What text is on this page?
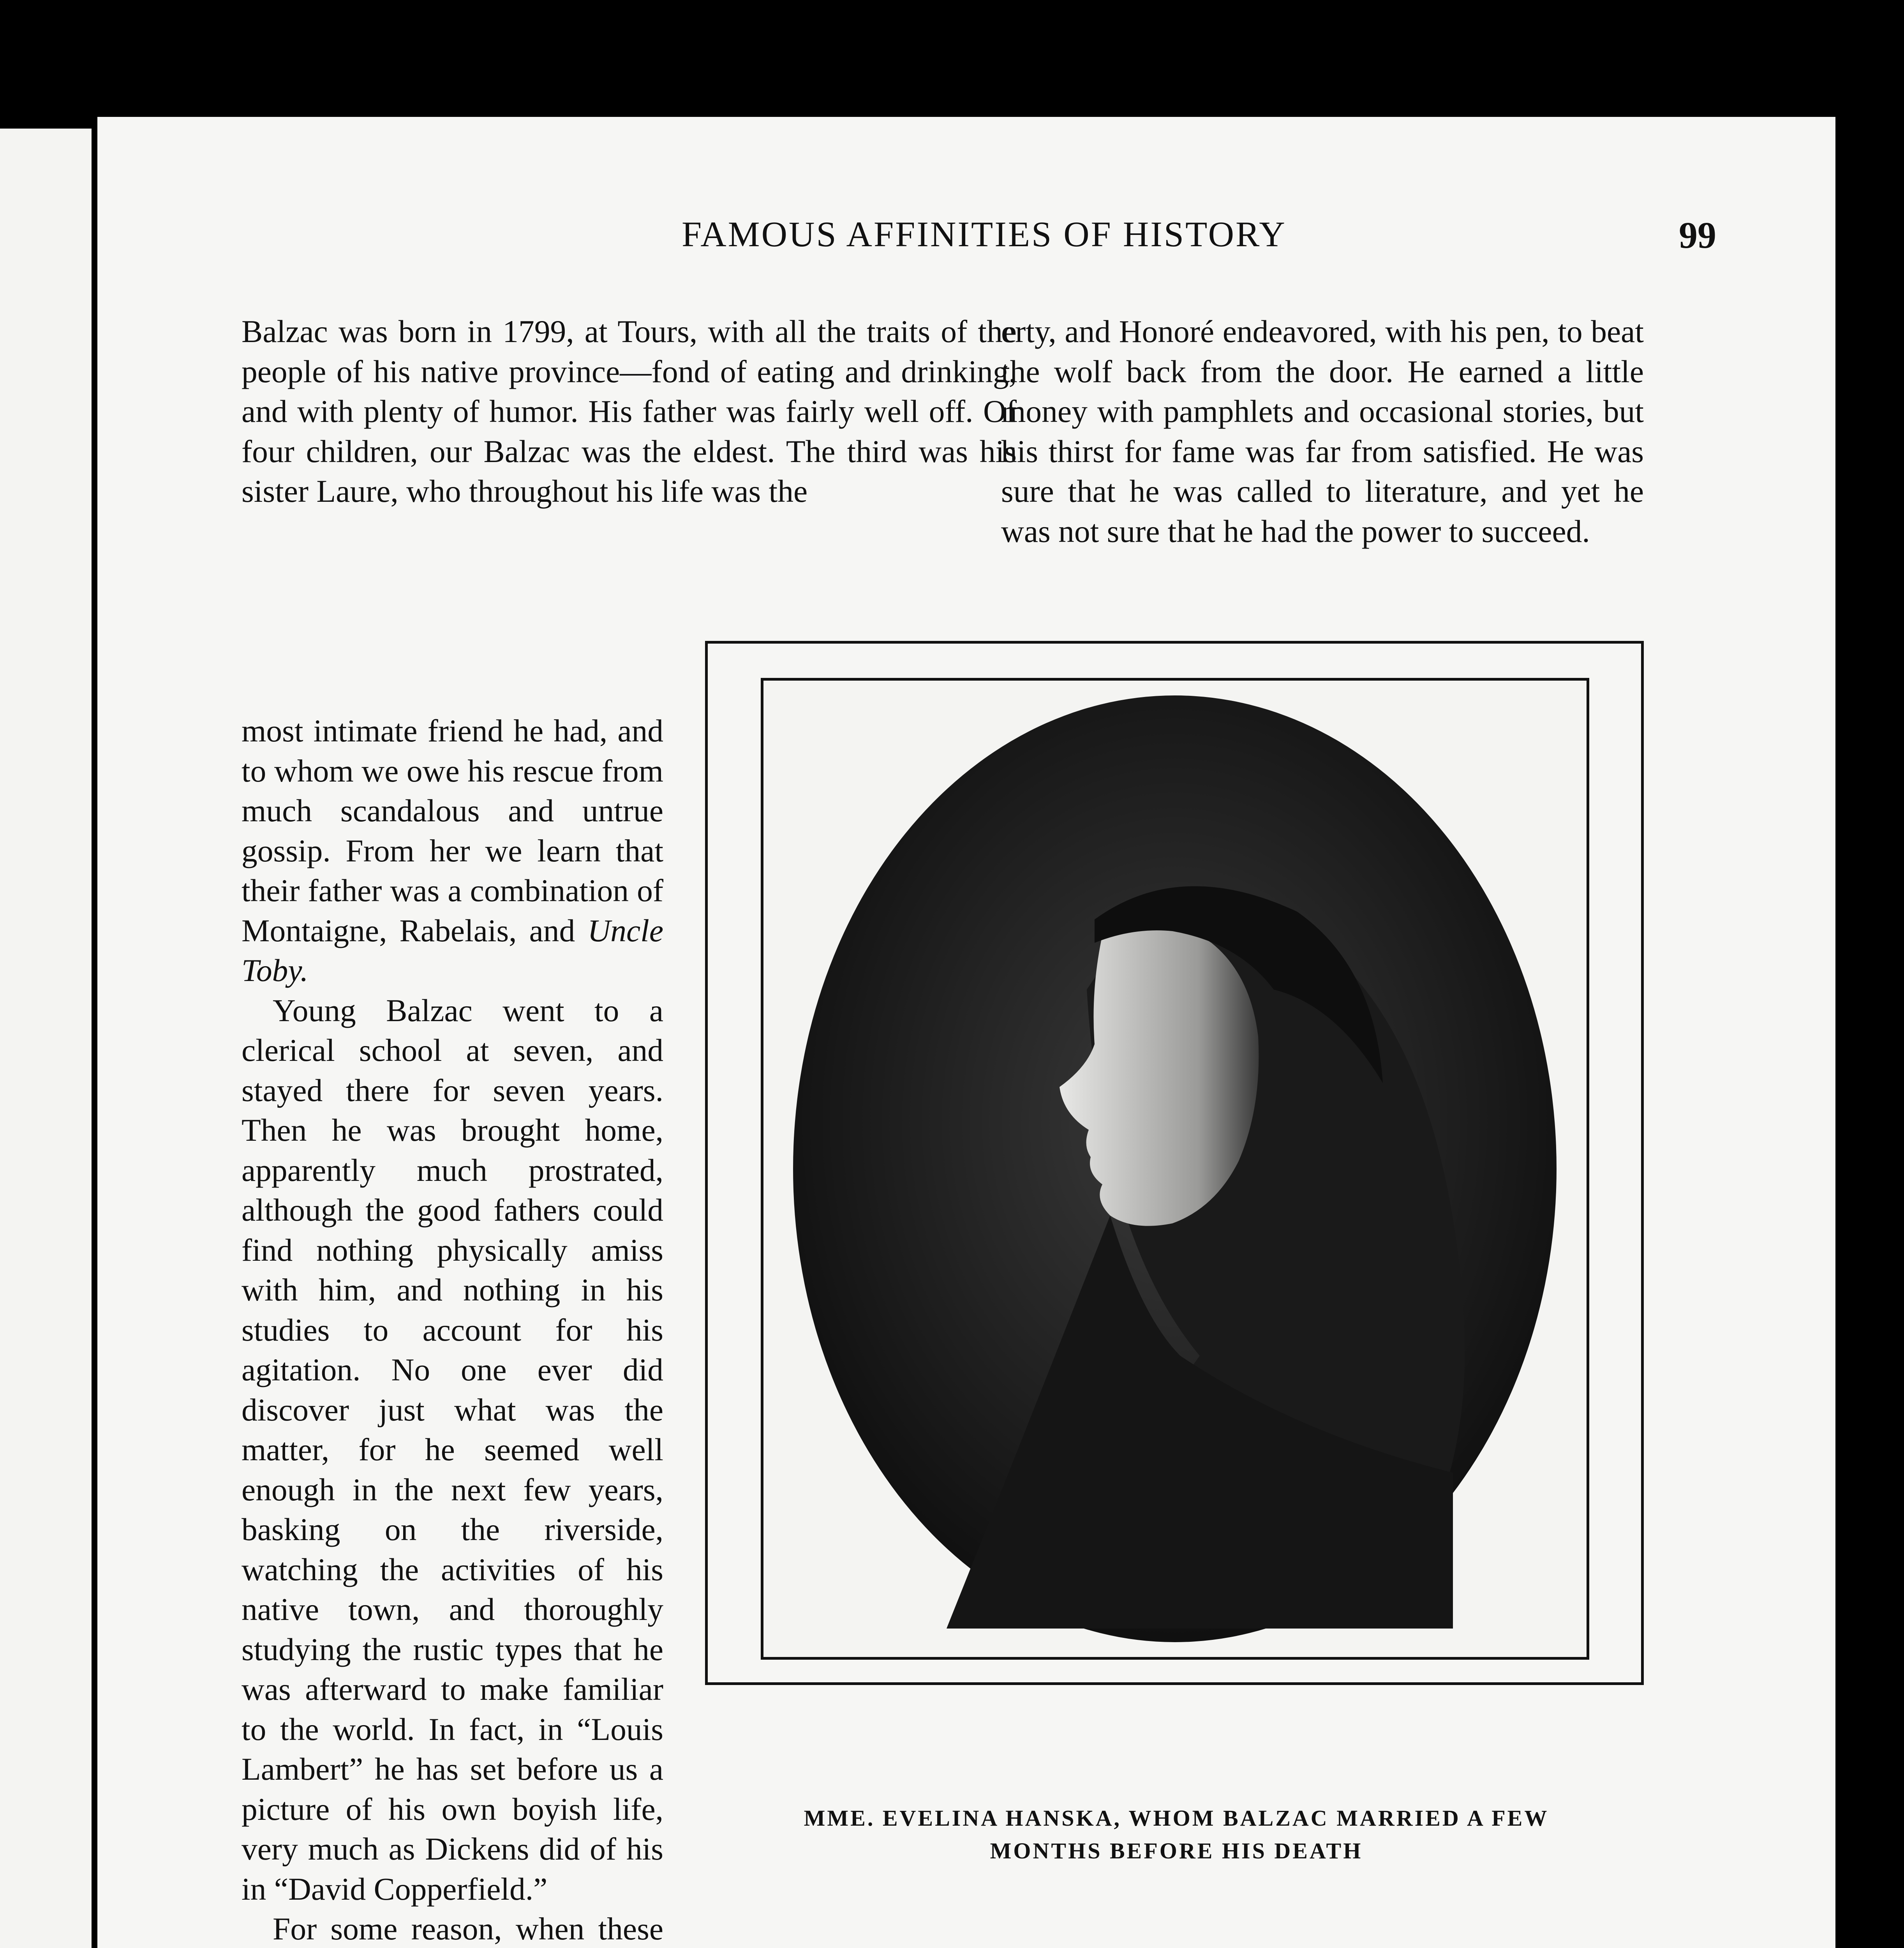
FAMOUS AFFINITIES OF HISTORY	99

Balzac was born in 1799, at Tours, with all the traits of the people of his native province—fond of eating and drinking, and with plenty of humor. His father was fairly well off. Of four children, our Balzac was the eldest. The third was his sister Laure, who throughout his life was the

erty, and Honoré endeavored, with his pen, to beat the wolf back from the door. He earned a little money with pamphlets and occasional stories, but his thirst for fame was far from satisfied. He was sure that he was called to literature, and yet he was not sure that he had the power to succeed.

most intimate friend he had, and to whom we owe his rescue from much scandalous and untrue gossip. From her we learn that their father was a combination of Montaigne, Rabelais, and Uncle Toby.

Young Balzac went to a clerical school at seven, and stayed there for seven years. Then he was brought home, apparently much prostrated, although the good fathers could find nothing physically amiss with him, and nothing in his studies to account for his agitation. No one ever did discover just what was the matter, for he seemed well enough in the next few years, basking on the riverside, watching the activities of his native town, and thoroughly studying the rustic types that he was afterward to make familiar to the world. In fact, in “Louis Lambert” he has set before us a picture of his own boyish life, very much as Dickens did of his in “David Copperfield.”

For some reason, when these

MME. EVELINA HANSKA, WHOM BALZAC MARRIED A FEW MONTHS BEFORE HIS DEATH
